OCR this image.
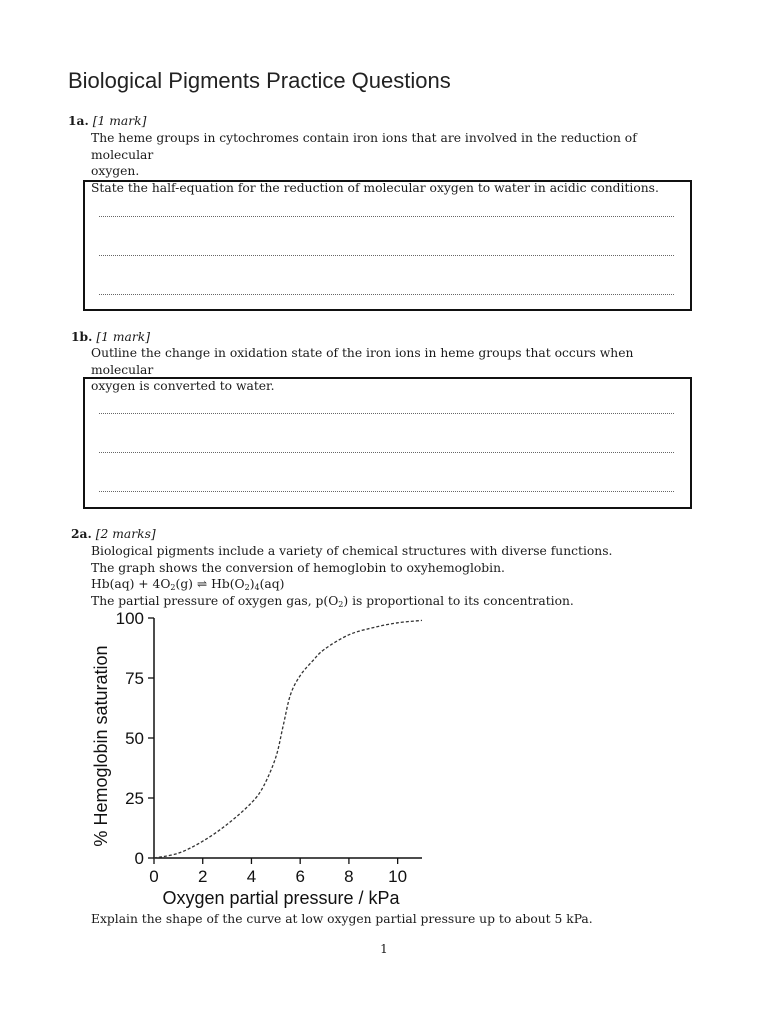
Biological Pigments Practice Questions
1a. [1 mark]
The heme groups in cytochromes contain iron ions that are involved in the reduction of molecular
oxygen.
State the half-equation for the reduction of molecular oxygen to water in acidic conditions.
1b. [1 mark]
Outline the change in oxidation state of the iron ions in heme groups that occurs when molecular
oxygen is converted to water.
2a. [2 marks]
Biological pigments include a variety of chemical structures with diverse functions.
The graph shows the conversion of hemoglobin to oxyhemoglobin.
$Hb(aq) + 4O_2(g)$ ⇌ $Hb(O_2)_4(aq)$
The partial pressure of oxygen gas, $p(O_2)$ is proportional to its concentration.
0
25
50
75
100
0 2 4 6 8 10
Oxygen partial pressure / kPa
% Hemoglobin saturation
Explain the shape of the curve at low oxygen partial pressure up to about 5 kPa.
1
